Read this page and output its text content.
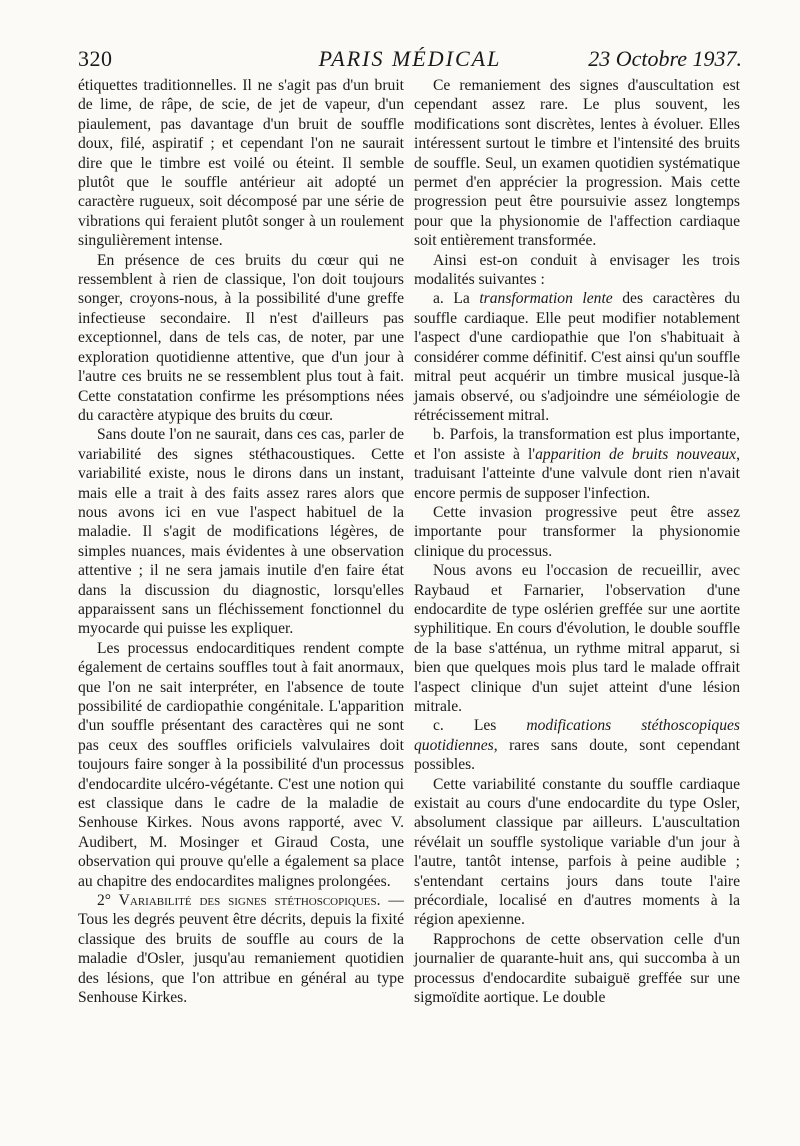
320	PARIS MÉDICAL	23 Octobre 1937.

étiquettes traditionnelles. Il ne s'agit pas d'un bruit de lime, de râpe, de scie, de jet de vapeur, d'un piaulement, pas davantage d'un bruit de souffle doux, filé, aspiratif ; et cependant l'on ne saurait dire que le timbre est voilé ou éteint. Il semble plutôt que le souffle antérieur ait adopté un caractère rugueux, soit décomposé par une série de vibrations qui feraient plutôt songer à un roulement singulièrement intense.

En présence de ces bruits du cœur qui ne ressemblent à rien de classique, l'on doit toujours songer, croyons-nous, à la possibilité d'une greffe infectieuse secondaire. Il n'est d'ailleurs pas exceptionnel, dans de tels cas, de noter, par une exploration quotidienne attentive, que d'un jour à l'autre ces bruits ne se ressemblent plus tout à fait. Cette constatation confirme les présomptions nées du caractère atypique des bruits du cœur.

Sans doute l'on ne saurait, dans ces cas, parler de variabilité des signes stéthacoustiques. Cette variabilité existe, nous le dirons dans un instant, mais elle a trait à des faits assez rares alors que nous avons ici en vue l'aspect habituel de la maladie. Il s'agit de modifications légères, de simples nuances, mais évidentes à une observation attentive ; il ne sera jamais inutile d'en faire état dans la discussion du diagnostic, lorsqu'elles apparaissent sans un fléchissement fonctionnel du myocarde qui puisse les expliquer.

Les processus endocarditiques rendent compte également de certains souffles tout à fait anormaux, que l'on ne sait interpréter, en l'absence de toute possibilité de cardiopathie congénitale. L'apparition d'un souffle présentant des caractères qui ne sont pas ceux des souffles orificiels valvulaires doit toujours faire songer à la possibilité d'un processus d'endocardite ulcéro-végétante. C'est une notion qui est classique dans le cadre de la maladie de Senhouse Kirkes. Nous avons rapporté, avec V. Audibert, M. Mosinger et Giraud Costa, une observation qui prouve qu'elle a également sa place au chapitre des endocardites malignes prolongées.

2° Variabilité des signes stéthoscopiques. — Tous les degrés peuvent être décrits, depuis la fixité classique des bruits de souffle au cours de la maladie d'Osler, jusqu'au remaniement quotidien des lésions, que l'on attribue en général au type Senhouse Kirkes.

Ce remaniement des signes d'auscultation est cependant assez rare. Le plus souvent, les modifications sont discrètes, lentes à évoluer. Elles intéressent surtout le timbre et l'intensité des bruits de souffle. Seul, un examen quotidien systématique permet d'en apprécier la progression. Mais cette progression peut être poursuivie assez longtemps pour que la physionomie de l'affection cardiaque soit entièrement transformée.

Ainsi est-on conduit à envisager les trois modalités suivantes :

a. La transformation lente des caractères du souffle cardiaque. Elle peut modifier notablement l'aspect d'une cardiopathie que l'on s'habituait à considérer comme définitif. C'est ainsi qu'un souffle mitral peut acquérir un timbre musical jusque-là jamais observé, ou s'adjoindre une séméiologie de rétrécissement mitral.

b. Parfois, la transformation est plus importante, et l'on assiste à l'apparition de bruits nouveaux, traduisant l'atteinte d'une valvule dont rien n'avait encore permis de supposer l'infection.

Cette invasion progressive peut être assez importante pour transformer la physionomie clinique du processus.

Nous avons eu l'occasion de recueillir, avec Raybaud et Farnarier, l'observation d'une endocardite de type oslérien greffée sur une aortite syphilitique. En cours d'évolution, le double souffle de la base s'atténua, un rythme mitral apparut, si bien que quelques mois plus tard le malade offrait l'aspect clinique d'un sujet atteint d'une lésion mitrale.

c. Les modifications stéthoscopiques quotidiennes, rares sans doute, sont cependant possibles.

Cette variabilité constante du souffle cardiaque existait au cours d'une endocardite du type Osler, absolument classique par ailleurs. L'auscultation révélait un souffle systolique variable d'un jour à l'autre, tantôt intense, parfois à peine audible ; s'entendant certains jours dans toute l'aire précordiale, localisé en d'autres moments à la région apexienne.

Rapprochons de cette observation celle d'un journalier de quarante-huit ans, qui succomba à un processus d'endocardite subaiguë greffée sur une sigmoïdite aortique. Le double
